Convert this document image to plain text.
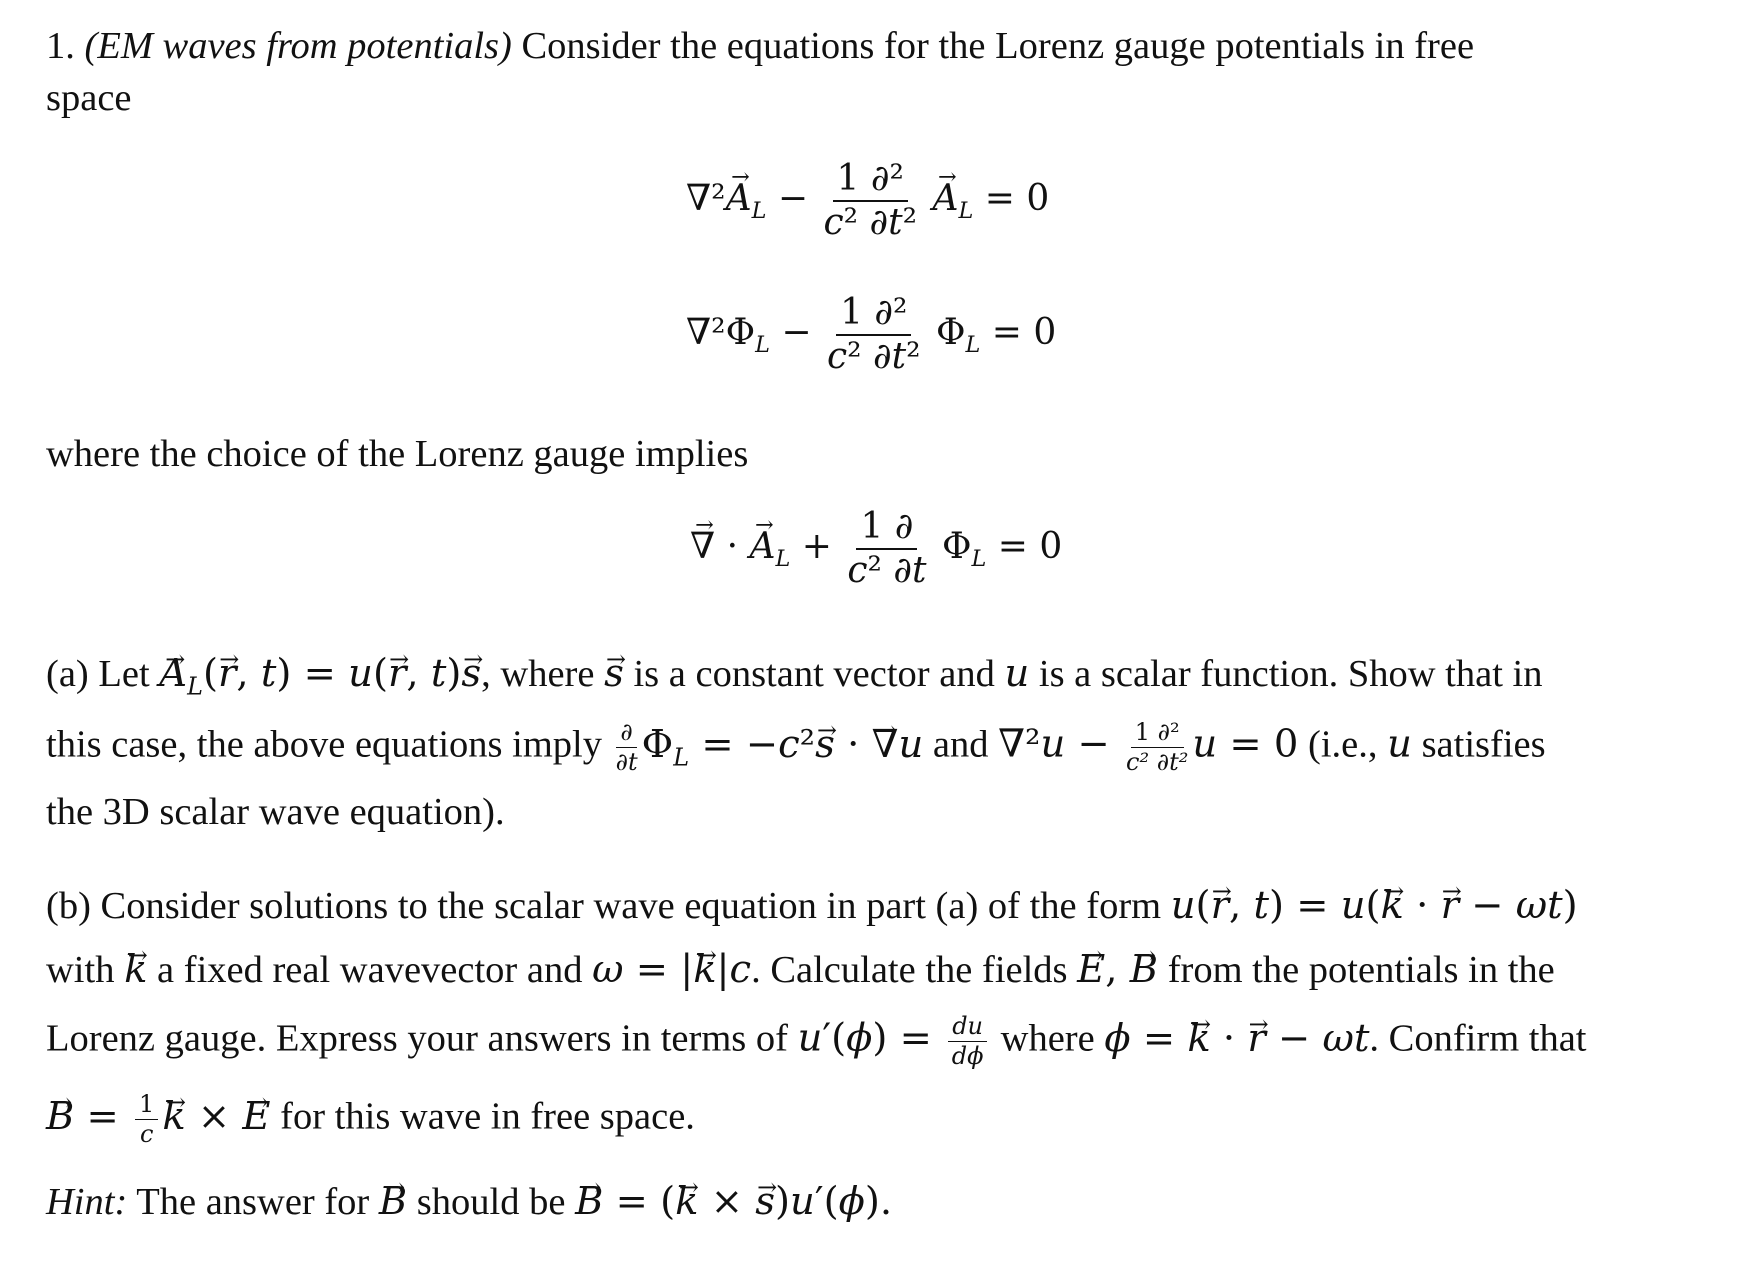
1. (EM waves from potentials) Consider the equations for the Lorenz gauge potentials in free
space
$\nabla^2\to A_L - \frac{\text{1 ∂²}}{\text{c² ∂t²}}$
→ $A_L = 0$
$\nabla^2\Phi_L - \frac{\text{1 ∂²}}{\text{c² ∂t²}} \Phi_L = 0$
where the choice of the Lorenz gauge implies
→ ∇ · → $A_L + \frac{1 \partial}{\text{c² ∂t}} \Phi_L = 0$
(a) Let → $A_L(\to r$, t) = u(→ r, t)→ s, where → s is a constant vector and u is a scalar function. Show that in
this case, the above equations imply $\frac{\partial}{\partial t} \Phi_L = -c^2\to s$ · → ∇u and $\nabla^2u - \frac{\text{1 ∂²}}{\text{c² ∂t²}}$ u = 0 (i.e., u satisfies
the 3D scalar wave equation).
(b) Consider solutions to the scalar wave equation in part (a) of the form u(→ r, t) = u(→ k · → r − ωt)
with → k a fixed real wavevector and ω = |→ k|c. Calculate the fields → E, → B from the potentials in the
Lorenz gauge. Express your answers in terms of $u'(\phi) = \frac{du}{d\phi}$ where ϕ = → k · → r − ωt. Confirm that
→ $B = \frac{1}{c}$
→ k × → E for this wave in free space.
Hint: The answer for → B should be → B = (→ k × → s)u′(ϕ).
